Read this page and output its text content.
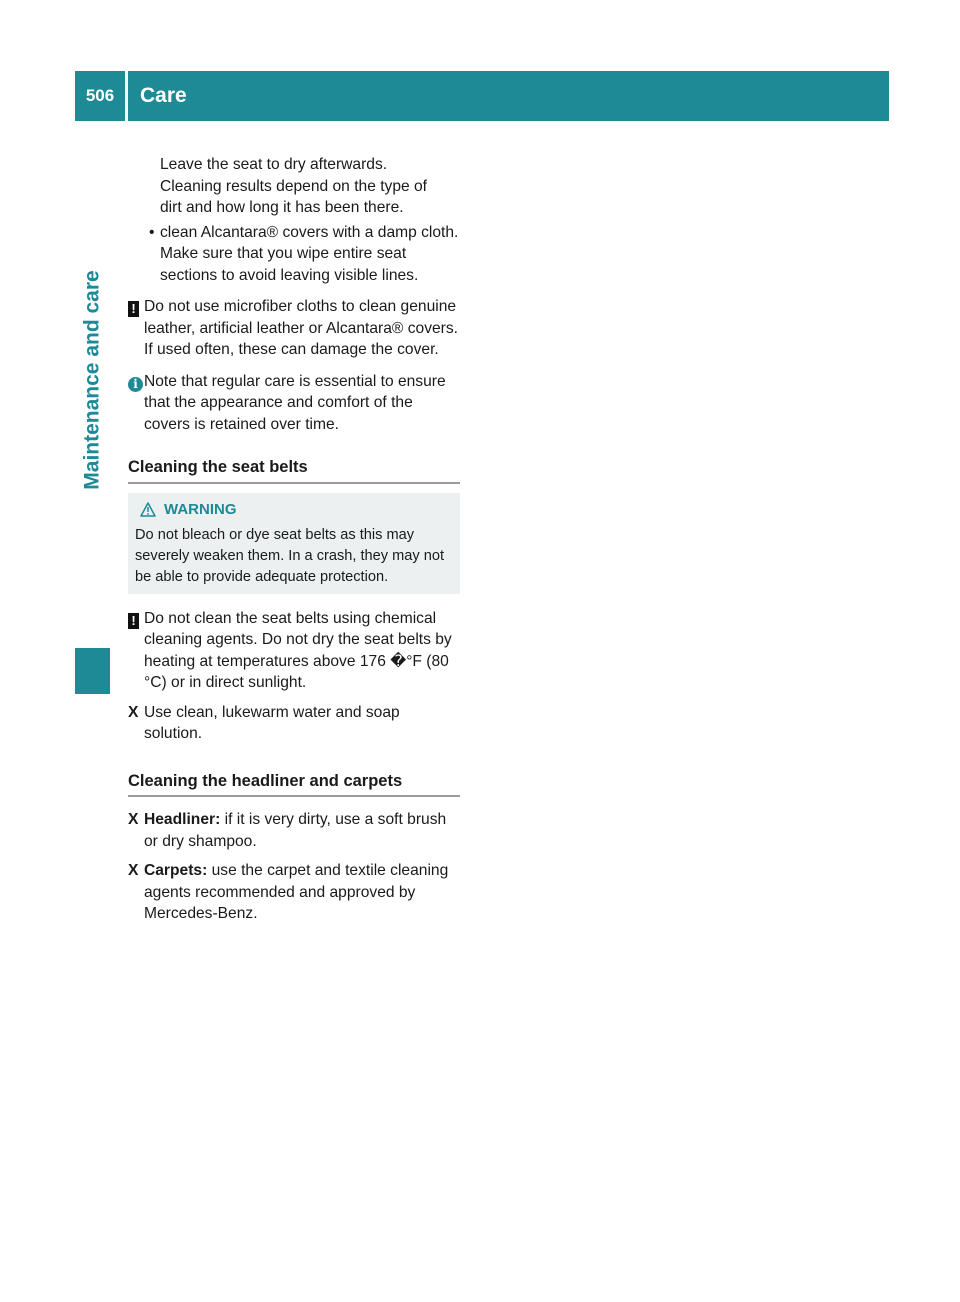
506	Care
Maintenance and care

Leave the seat to dry afterwards.

Cleaning results depend on the type of

dirt and how long it has been there.

• clean Alcantara® covers with a damp cloth. Make sure that you wipe entire seat sections to avoid leaving visible lines.
! Do not use microfiber cloths to clean genuine leather, artificial leather or Alcantara® covers. If used often, these can damage the cover.
i Note that regular care is essential to ensure that the appearance and comfort of the covers is retained over time.
Cleaning the seat belts
WARNING
Do not bleach or dye seat belts as this may severely weaken them. In a crash, they may not be able to provide adequate protection.
! Do not clean the seat belts using chemical cleaning agents. Do not dry the seat belts by heating at temperatures above 176 �°F (80 °C) or in direct sunlight.
X Use clean, lukewarm water and soap solution.
Cleaning the headliner and carpets
X Headliner: if it is very dirty, use a soft brush or dry shampoo.
X Carpets: use the carpet and textile cleaning agents recommended and approved by Mercedes-Benz.
